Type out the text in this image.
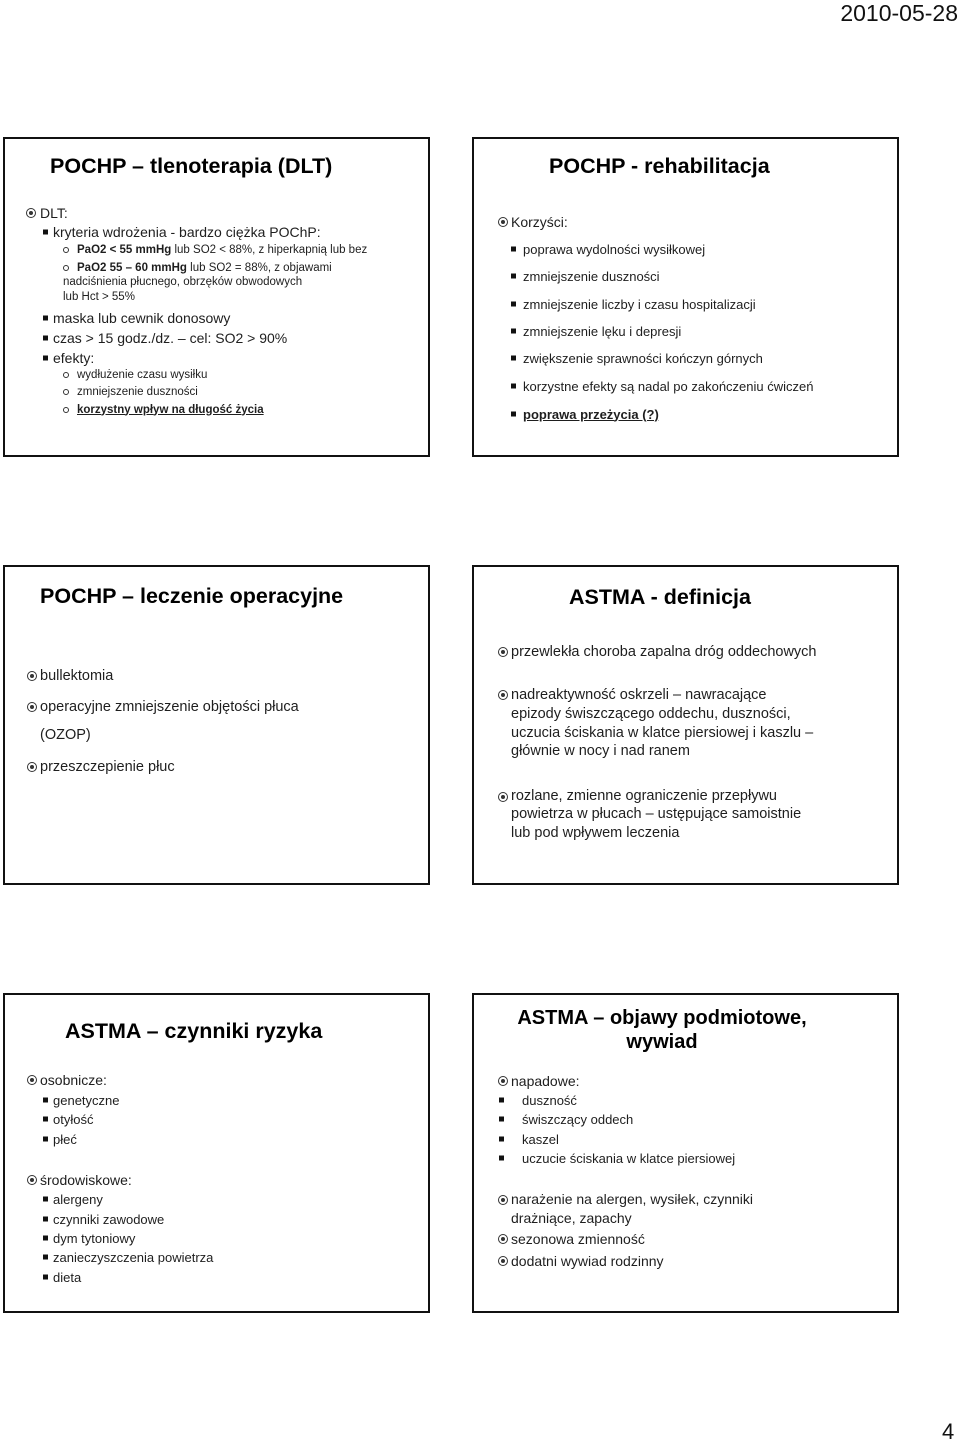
2010-05-28
POCHP – tlenoterapia (DLT)
DLT:
kryteria wdrożenia - bardzo ciężka POChP:
PaO2 < 55 mmHg lub SO2 < 88%, z hiperkapnią lub bez
PaO2 55 – 60 mmHg lub SO2 = 88%, z objawami
nadciśnienia płucnego, obrzęków obwodowych
lub Hct > 55%
maska lub cewnik donosowy
czas > 15 godz./dz. – cel: SO2 > 90%
efekty:
wydłużenie czasu wysiłku
zmniejszenie duszności
korzystny wpływ na długość życia
POCHP - rehabilitacja
Korzyści:
poprawa wydolności wysiłkowej
zmniejszenie duszności
zmniejszenie liczby i czasu hospitalizacji
zmniejszenie lęku i depresji
zwiększenie sprawności kończyn górnych
korzystne efekty są nadal po zakończeniu ćwiczeń
poprawa przeżycia (?)
POCHP – leczenie operacyjne
bullektomia
operacyjne zmniejszenie objętości płuca
(OZOP)
przeszczepienie płuc
ASTMA - definicja
przewlekła choroba zapalna dróg oddechowych
nadreaktywność oskrzeli – nawracające
epizody świszczącego oddechu, duszności,
uczucia ściskania w klatce piersiowej i kaszlu –
głównie w nocy i nad ranem
rozlane, zmienne ograniczenie przepływu
powietrza w płucach – ustępujące samoistnie
lub pod wpływem leczenia
ASTMA – czynniki ryzyka
osobnicze:
genetyczne
otyłość
płeć
środowiskowe:
alergeny
czynniki zawodowe
dym tytoniowy
zanieczyszczenia powietrza
dieta
ASTMA – objawy podmiotowe, wywiad
napadowe:
duszność
świszczący oddech
kaszel
uczucie ściskania w klatce piersiowej
narażenie na alergen, wysiłek, czynniki
drażniące, zapachy
sezonowa zmienność
dodatni wywiad rodzinny
4
